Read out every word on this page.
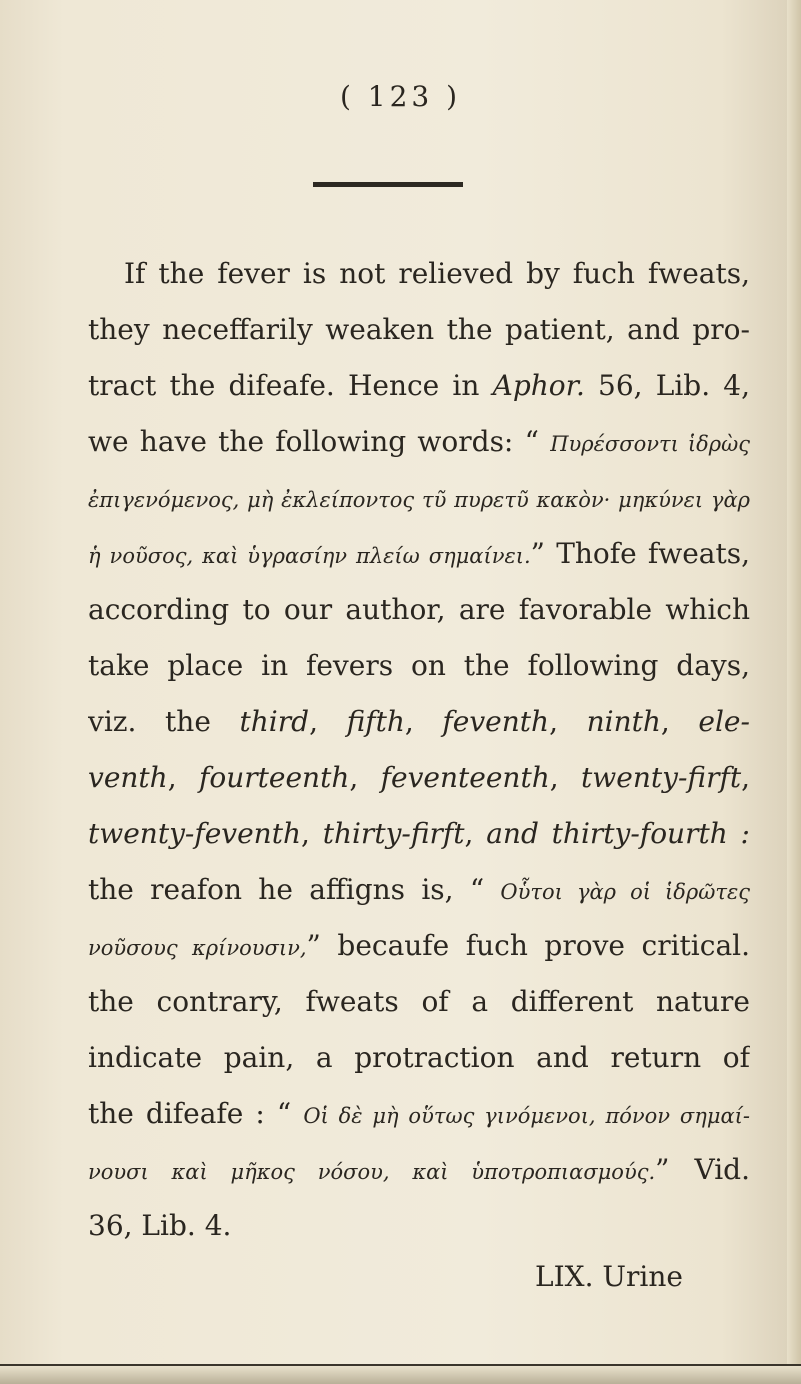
( 123 )
If the fever is not relieved by fuch fweats,
they neceffarily weaken the patient, and pro-
tract the difeafe. Hence in Aphor. 56, Lib. 4,
we have the following words: “ Πυρέσσοντι ἱδρὼς
ἐπιγενόμενος, μὴ ἐκλείποντος τῦ πυρετῦ κακὸν· μηκύνει γὰρ
ἡ νοῦσος, καὶ ὑγρασίην πλείω σημαίνει.” Thofe fweats,
according to our author, are favorable which
take place in fevers on the following days,
viz. the third, fifth, feventh, ninth, ele-
venth, fourteenth, feventeenth, twenty-firft,
twenty-feventh, thirty-firft, and thirty-fourth :
the reafon he affigns is, “ Οὗτοι γὰρ οἱ ἱδρῶτες
νοῦσους κρίνουσιν,” becaufe fuch prove critical.
the contrary, fweats of a different nature
indicate pain, a protraction and return of
the difeafe : “ Οἱ δὲ μὴ οὕτως γινόμενοι, πόνον σημαί-
νουσι καὶ μῆκος νόσου, καὶ ὑποτροπιασμούς.” Vid.
36, Lib. 4.
LIX. Urine
